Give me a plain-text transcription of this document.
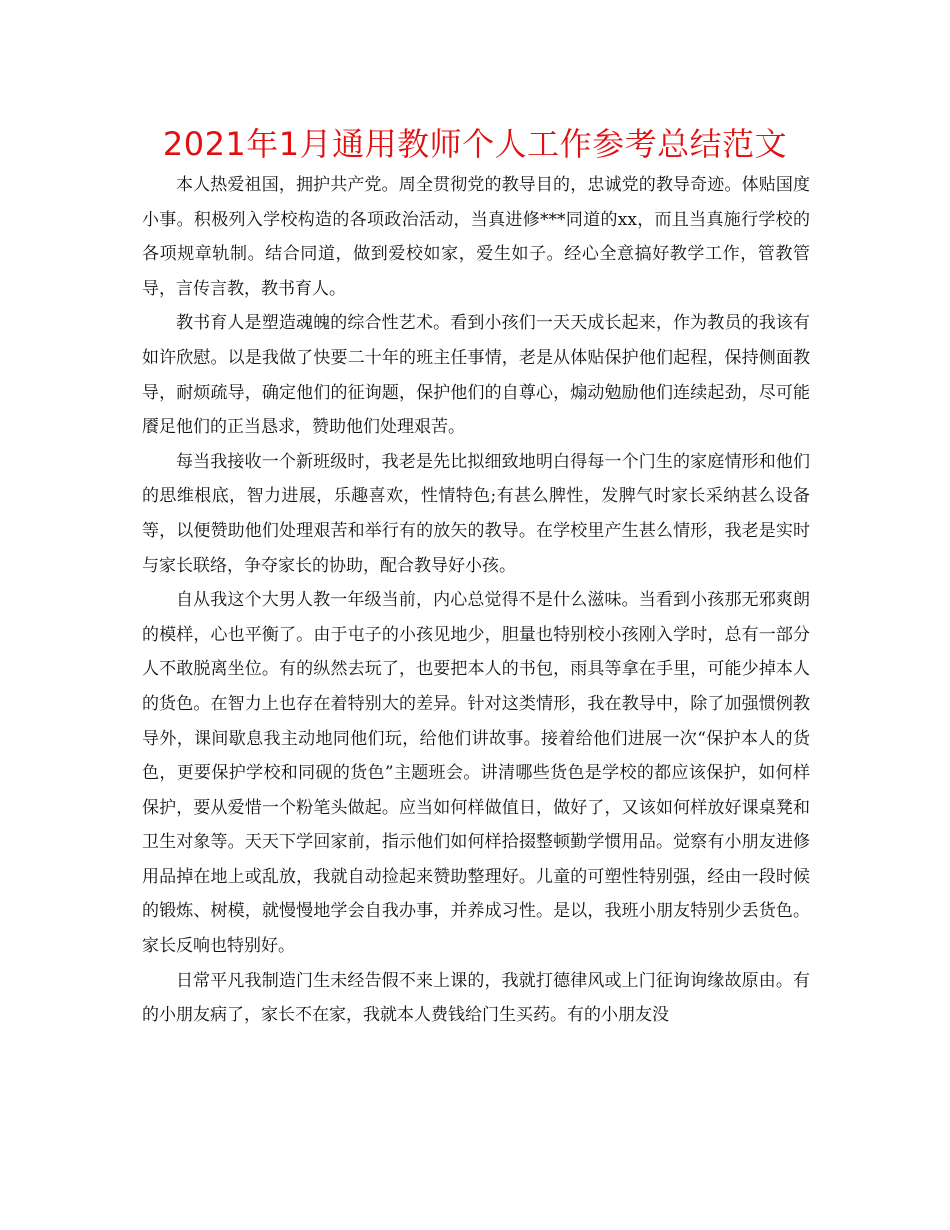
2021年1月通用教师个人工作参考总结范文

本人热爱祖国，拥护共产党。周全贯彻党的教导目的，忠诚党的教导奇迹。体贴国度小事。积极列入学校构造的各项政治活动，当真进修***同道的xx，而且当真施行学校的各项规章轨制。结合同道，做到爱校如家，爱生如子。经心全意搞好教学工作，管教管导，言传言教，教书育人。

教书育人是塑造魂魄的综合性艺术。看到小孩们一天天成长起来，作为教员的我该有如许欣慰。以是我做了快要二十年的班主任事情，老是从体贴保护他们起程，保持侧面教导，耐烦疏导，确定他们的征询题，保护他们的自尊心，煽动勉励他们连续起劲，尽可能餍足他们的正当恳求，赞助他们处理艰苦。

每当我接收一个新班级时，我老是先比拟细致地明白得每一个门生的家庭情形和他们的思维根底，智力进展，乐趣喜欢，性情特色;有甚么脾性，发脾气时家长采纳甚么设备等，以便赞助他们处理艰苦和举行有的放矢的教导。在学校里产生甚么情形，我老是实时与家长联络，争夺家长的协助，配合教导好小孩。

自从我这个大男人教一年级当前，内心总觉得不是什么滋味。当看到小孩那无邪爽朗的模样，心也平衡了。由于屯子的小孩见地少，胆量也特别校小孩刚入学时，总有一部分人不敢脱离坐位。有的纵然去玩了，也要把本人的书包，雨具等拿在手里，可能少掉本人的货色。在智力上也存在着特别大的差异。针对这类情形，我在教导中，除了加强惯例教导外，课间歇息我主动地同他们玩，给他们讲故事。接着给他们进展一次“保护本人的货色，更要保护学校和同砚的货色”主题班会。讲清哪些货色是学校的都应该保护，如何样保护，要从爱惜一个粉笔头做起。应当如何样做值日，做好了，又该如何样放好课桌凳和卫生对象等。天天下学回家前，指示他们如何样拾掇整顿勤学惯用品。觉察有小朋友进修用品掉在地上或乱放，我就自动捡起来赞助整理好。儿童的可塑性特别强，经由一段时候的锻炼、树模，就慢慢地学会自我办事，并养成习性。是以，我班小朋友特别少丢货色。家长反响也特别好。

日常平凡我制造门生未经告假不来上课的，我就打德律风或上门征询询缘故原由。有的小朋友病了，家长不在家，我就本人费钱给门生买药。有的小朋友没
